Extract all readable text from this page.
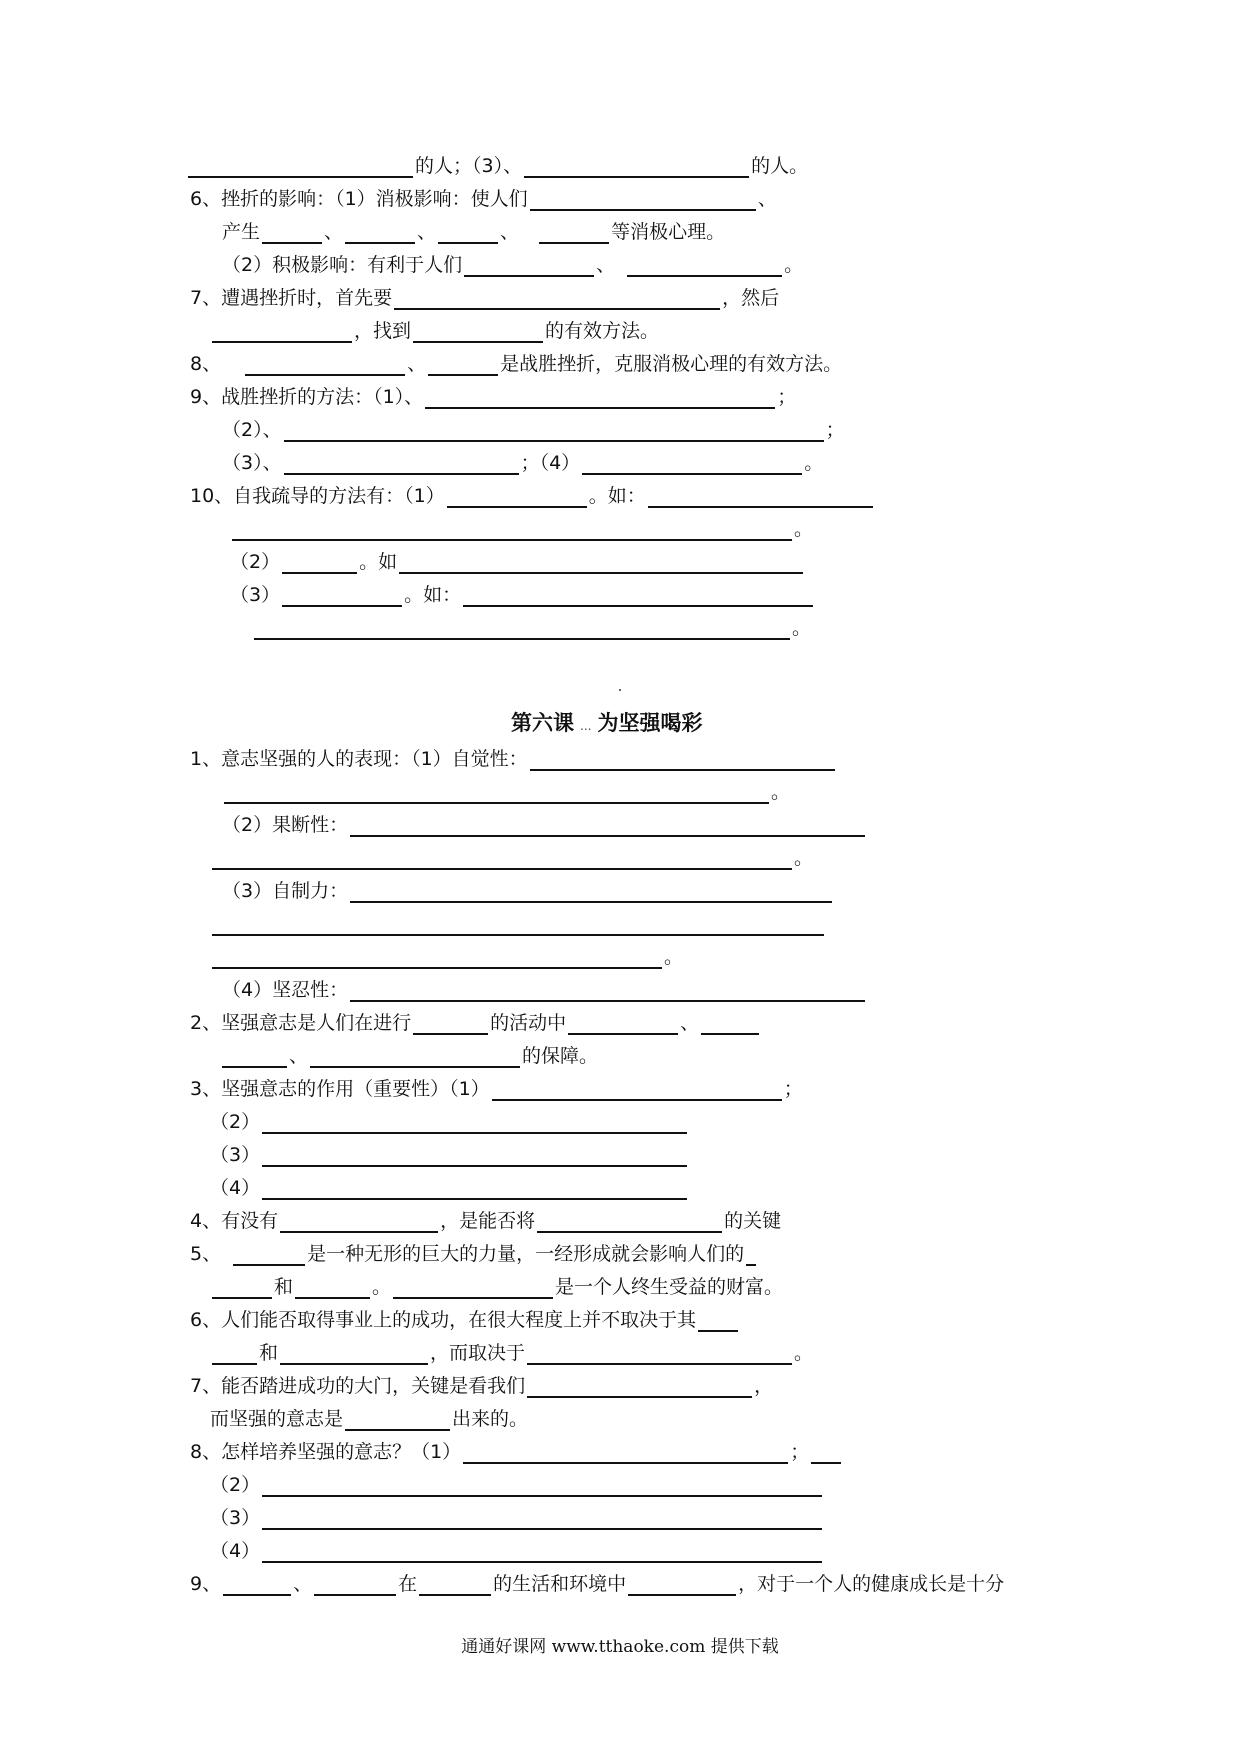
的人；（3）、	的人。
6、挫折的影响：（1）消极影响：使人们	、
产生	、	、	、	等消极心理。
（2）积极影响：有利于人们	、	。
7、遭遇挫折时，首先要	，然后
，找到	的有效方法。
8、	、	是战胜挫折，克服消极心理的有效方法。
9、战胜挫折的方法：（1）、	；
（2）、	；
（3）、	；（4）	。
10、自我疏导的方法有：（1）	。如：
。
（2）	。如
（3）	。如：
。
第六课 ... 为坚强喝彩
1、意志坚强的人的表现：（1）自觉性：
。
（2）果断性：
。
（3）自制力：
。
（4）坚忍性：
2、坚强意志是人们在进行	的活动中	、
、	的保障。
3、坚强意志的作用（重要性）（1）	；
（2）
（3）
（4）
4、有没有	，是能否将	的关键
5、	是一种无形的巨大的力量，一经形成就会影响人们的
和	。	是一个人终生受益的财富。
6、人们能否取得事业上的成功，在很大程度上并不取决于其
和	，而取决于	。
7、能否踏进成功的大门，关键是看我们	，
而坚强的意志是	出来的。
8、怎样培养坚强的意志？（1）	；
（2）
（3）
（4）
9、	、	在	的生活和环境中	，对于一个人的健康成长是十分
通通好课网 www.tthaoke.com 提供下载
